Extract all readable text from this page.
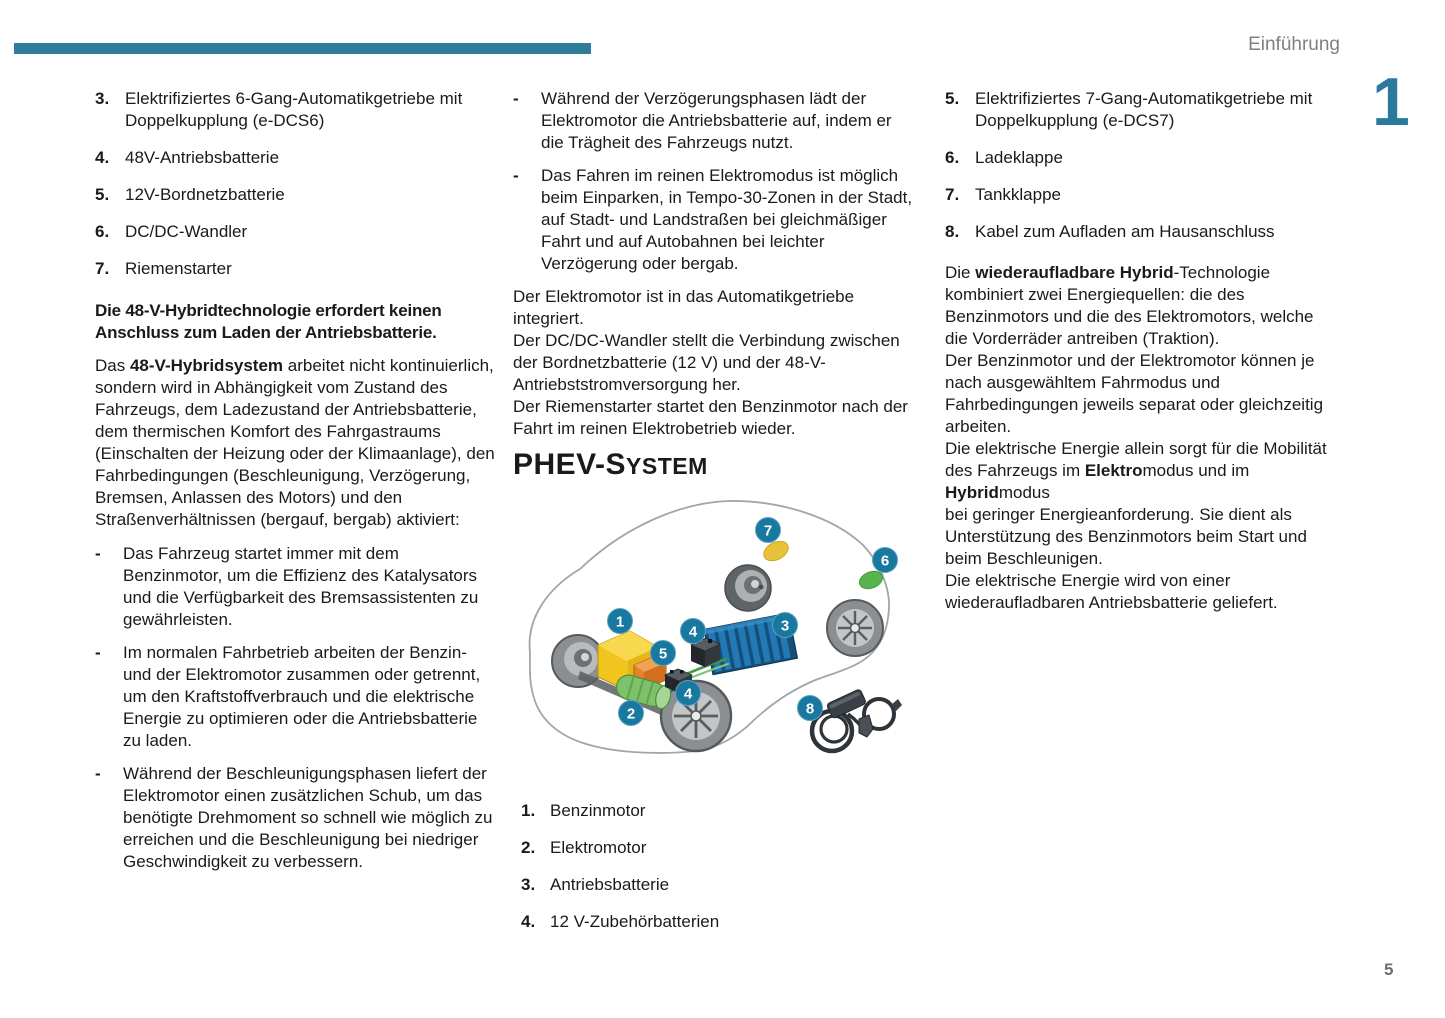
Einführung
1
3. Elektrifiziertes 6-Gang-Automatikgetriebe mit Doppelkupplung (e-DCS6)
4. 48V-Antriebsbatterie
5. 12V-Bordnetzbatterie
6. DC/DC-Wandler
7. Riemenstarter
Die 48-V-Hybridtechnologie erfordert keinen Anschluss zum Laden der Antriebsbatterie.
Das 48-V-Hybridsystem arbeitet nicht kontinuierlich, sondern wird in Abhängigkeit vom Zustand des Fahrzeugs, dem Ladezustand der Antriebsbatterie, dem thermischen Komfort des Fahrgastraums (Einschalten der Heizung oder der Klimaanlage), den Fahrbedingungen (Beschleunigung, Verzögerung, Bremsen, Anlassen des Motors) und den Straßenverhältnissen (bergauf, bergab) aktiviert:
-	Das Fahrzeug startet immer mit dem Benzinmotor, um die Effizienz des Katalysators und die Verfügbarkeit des Bremsassistenten zu gewährleisten.
-	Im normalen Fahrbetrieb arbeiten der Benzin- und der Elektromotor zusammen oder getrennt, um den Kraftstoffverbrauch und die elektrische Energie zu optimieren oder die Antriebsbatterie zu laden.
-	Während der Beschleunigungsphasen liefert der Elektromotor einen zusätzlichen Schub, um das benötigte Drehmoment so schnell wie möglich zu erreichen und die Beschleunigung bei niedriger Geschwindigkeit zu verbessern.
-	Während der Verzögerungsphasen lädt der Elektromotor die Antriebsbatterie auf, indem er die Trägheit des Fahrzeugs nutzt.
-	Das Fahren im reinen Elektromodus ist möglich beim Einparken, in Tempo-30-Zonen in der Stadt, auf Stadt- und Landstraßen bei gleichmäßiger Fahrt und auf Autobahnen bei leichter Verzögerung oder bergab.
Der Elektromotor ist in das Automatikgetriebe integriert.
Der DC/DC-Wandler stellt die Verbindung zwischen der Bordnetzbatterie (12 V) und der 48-V-Antriebststromversorgung her.
Der Riemenstarter startet den Benzinmotor nach der Fahrt im reinen Elektrobetrieb wieder.
PHEV-SYSTEM
1
2
3
4
4
5
6
7
8
1. Benzinmotor
2. Elektromotor
3. Antriebsbatterie
4. 12 V-Zubehörbatterien
5. Elektrifiziertes 7-Gang-Automatikgetriebe mit Doppelkupplung (e-DCS7)
6. Ladeklappe
7. Tankklappe
8. Kabel zum Aufladen am Hausanschluss
Die wiederaufladbare Hybrid-Technologie kombiniert zwei Energiequellen: die des Benzinmotors und die des Elektromotors, welche die Vorderräder antreiben (Traktion).
Der Benzinmotor und der Elektromotor können je nach ausgewähltem Fahrmodus und Fahrbedingungen jeweils separat oder gleichzeitig arbeiten.
Die elektrische Energie allein sorgt für die Mobilität des Fahrzeugs im Elektromodus und im Hybridmodus
bei geringer Energieanforderung. Sie dient als Unterstützung des Benzinmotors beim Start und beim Beschleunigen.
Die elektrische Energie wird von einer wiederaufladbaren Antriebsbatterie geliefert.
5
